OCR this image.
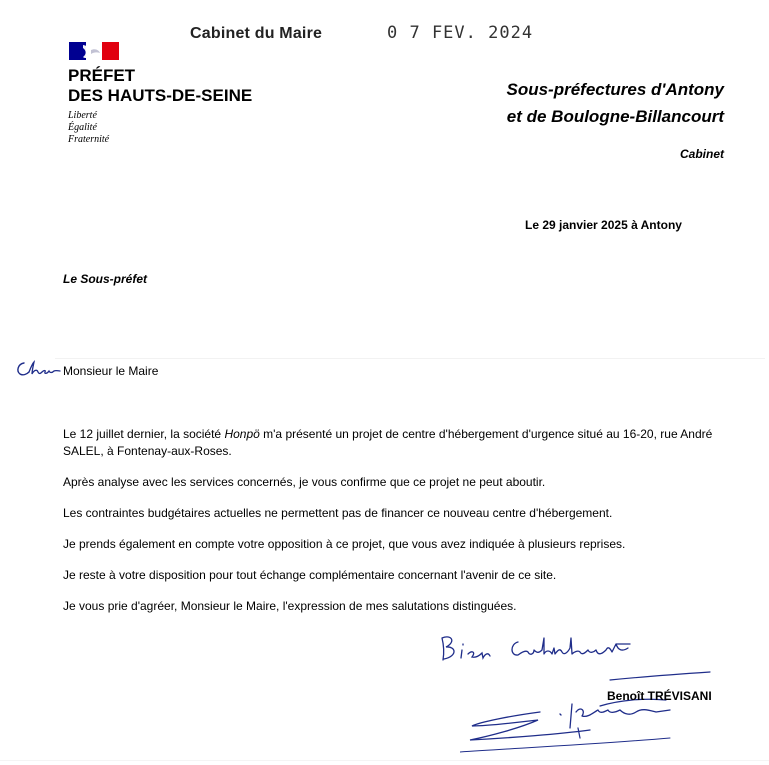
Cabinet du Maire	0 7 FEV. 2024
PRÉFET
DES HAUTS-DE-SEINE
Liberté
Égalité
Fraternité
Sous-préfectures d'Antony
et de Boulogne-Billancourt
Cabinet
Le 29 janvier 2025 à Antony
Le Sous-préfet
Monsieur le Maire
Le 12 juillet dernier, la société Honpö m'a présenté un projet de centre d'hébergement d'urgence situé au 16-20, rue André SALEL, à Fontenay-aux-Roses.
Après analyse avec les services concernés, je vous confirme que ce projet ne peut aboutir.
Les contraintes budgétaires actuelles ne permettent pas de financer ce nouveau centre d'hébergement.
Je prends également en compte votre opposition à ce projet, que vous avez indiquée à plusieurs reprises.
Je reste à votre disposition pour tout échange complémentaire concernant l'avenir de ce site.
Je vous prie d'agréer, Monsieur le Maire, l'expression de mes salutations distinguées.
Benoît TRÉVISANI
